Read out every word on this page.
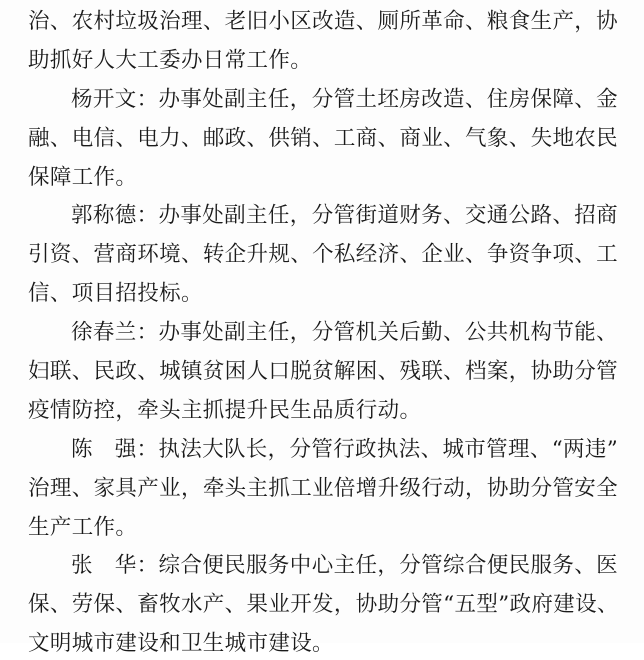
治、农村垃圾治理、老旧小区改造、厕所革命、粮食生产，协
助抓好人大工委办日常工作。
杨开文：办事处副主任，分管土坯房改造、住房保障、金
融、电信、电力、邮政、供销、工商、商业、气象、失地农民
保障工作。
郭称德：办事处副主任，分管街道财务、交通公路、招商
引资、营商环境、转企升规、个私经济、企业、争资争项、工
信、项目招投标。
徐春兰：办事处副主任，分管机关后勤、公共机构节能、
妇联、民政、城镇贫困人口脱贫解困、残联、档案，协助分管
疫情防控，牵头主抓提升民生品质行动。
陈　强：执法大队长，分管行政执法、城市管理、“两违”
治理、家具产业，牵头主抓工业倍增升级行动，协助分管安全
生产工作。
张　华：综合便民服务中心主任，分管综合便民服务、医
保、劳保、畜牧水产、果业开发，协助分管“五型”政府建设、
文明城市建设和卫生城市建设。
